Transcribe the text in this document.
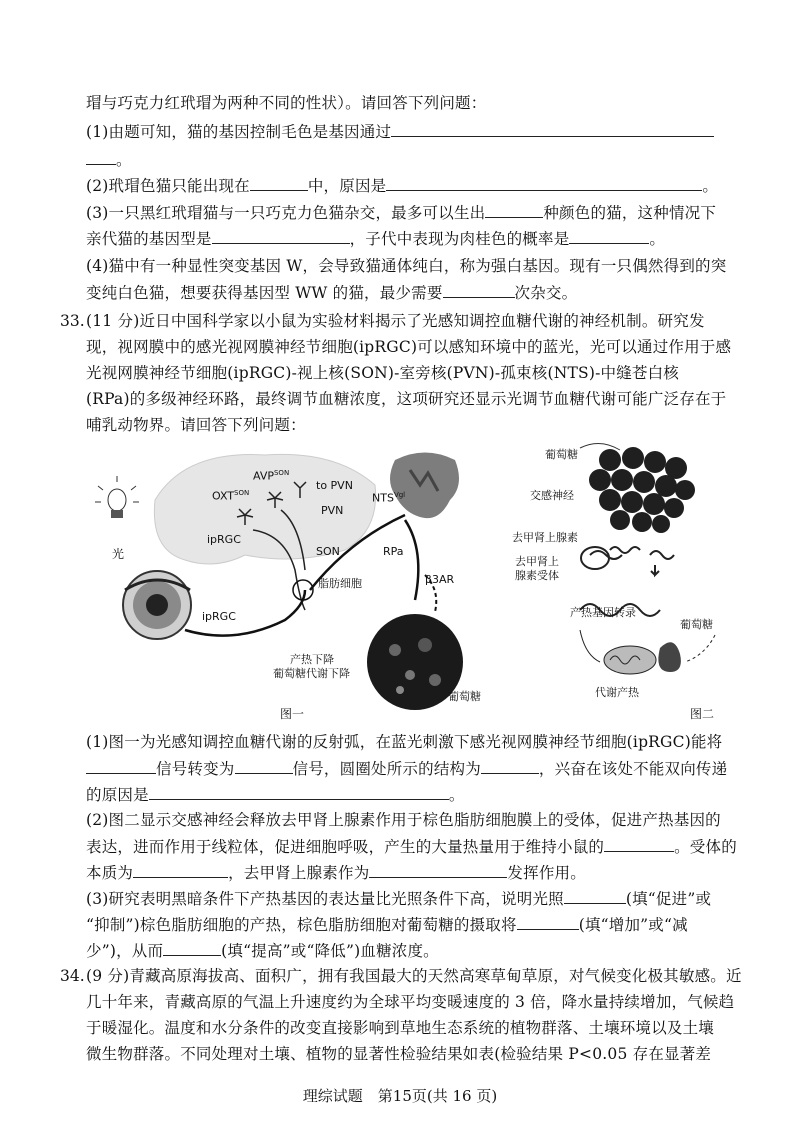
瑁与巧克力红玳瑁为两种不同的性状）。请回答下列问题：
(1)由题可知，猫的基因控制毛色是基因通过
。
(2)玳瑁色猫只能出现在	中，原因是	。
(3)一只黑红玳瑁猫与一只巧克力色猫杂交，最多可以生出	种颜色的猫，这种情况下
亲代猫的基因型是	，子代中表现为肉桂色的概率是	。
(4)猫中有一种显性突变基因 W，会导致猫通体纯白，称为强白基因。现有一只偶然得到的突
变纯白色猫，想要获得基因型 WW 的猫，最少需要	次杂交。
33. (11 分)近日中国科学家以小鼠为实验材料揭示了光感知调控血糖代谢的神经机制。研究发
现，视网膜中的感光视网膜神经节细胞(ipRGC)可以感知环境中的蓝光，光可以通过作用于感
光视网膜神经节细胞(ipRGC)-视上核(SON)-室旁核(PVN)-孤束核(NTS)-中缝苍白核
(RPa)的多级神经环路，最终调节血糖浓度，这项研究还显示光调节血糖代谢可能广泛存在于
哺乳动物界。请回答下列问题：
光
$OXT^{SON}$
$AVP^{SON}$
to PVN
PVN
$NTS^{Vgl}$
ipRGC
SON	RPa
β3AR
脂肪细胞
ipRGC
产热下降
葡萄糖代谢下降
葡萄糖
图一
葡萄糖
交感神经
去甲肾上腺素
去甲肾上
腺素受体
产热基因转录
葡萄糖
代谢产热
图二
(1)图一为光感知调控血糖代谢的反射弧，在蓝光刺激下感光视网膜神经节细胞(ipRGC)能将
信号转变为	信号，圆圈处所示的结构为	，兴奋在该处不能双向传递
的原因是	。
(2)图二显示交感神经会释放去甲肾上腺素作用于棕色脂肪细胞膜上的受体，促进产热基因的
表达，进而作用于线粒体，促进细胞呼吸，产生的大量热量用于维持小鼠的	。受体的
本质为	，去甲肾上腺素作为	发挥作用。
(3)研究表明黑暗条件下产热基因的表达量比光照条件下高，说明光照	(填“促进”或
“抑制”)棕色脂肪细胞的产热，棕色脂肪细胞对葡萄糖的摄取将	(填“增加”或“减
少”)，从而	(填“提高”或“降低”)血糖浓度。
34. (9 分)青藏高原海拔高、面积广，拥有我国最大的天然高寒草甸草原，对气候变化极其敏感。近
几十年来，青藏高原的气温上升速度约为全球平均变暖速度的 3 倍，降水量持续增加，气候趋
于暖湿化。温度和水分条件的改变直接影响到草地生态系统的植物群落、土壤环境以及土壤
微生物群落。不同处理对土壤、植物的显著性检验结果如表(检验结果 P<0.05 存在显著差
理综试题　第15页(共 16 页)
